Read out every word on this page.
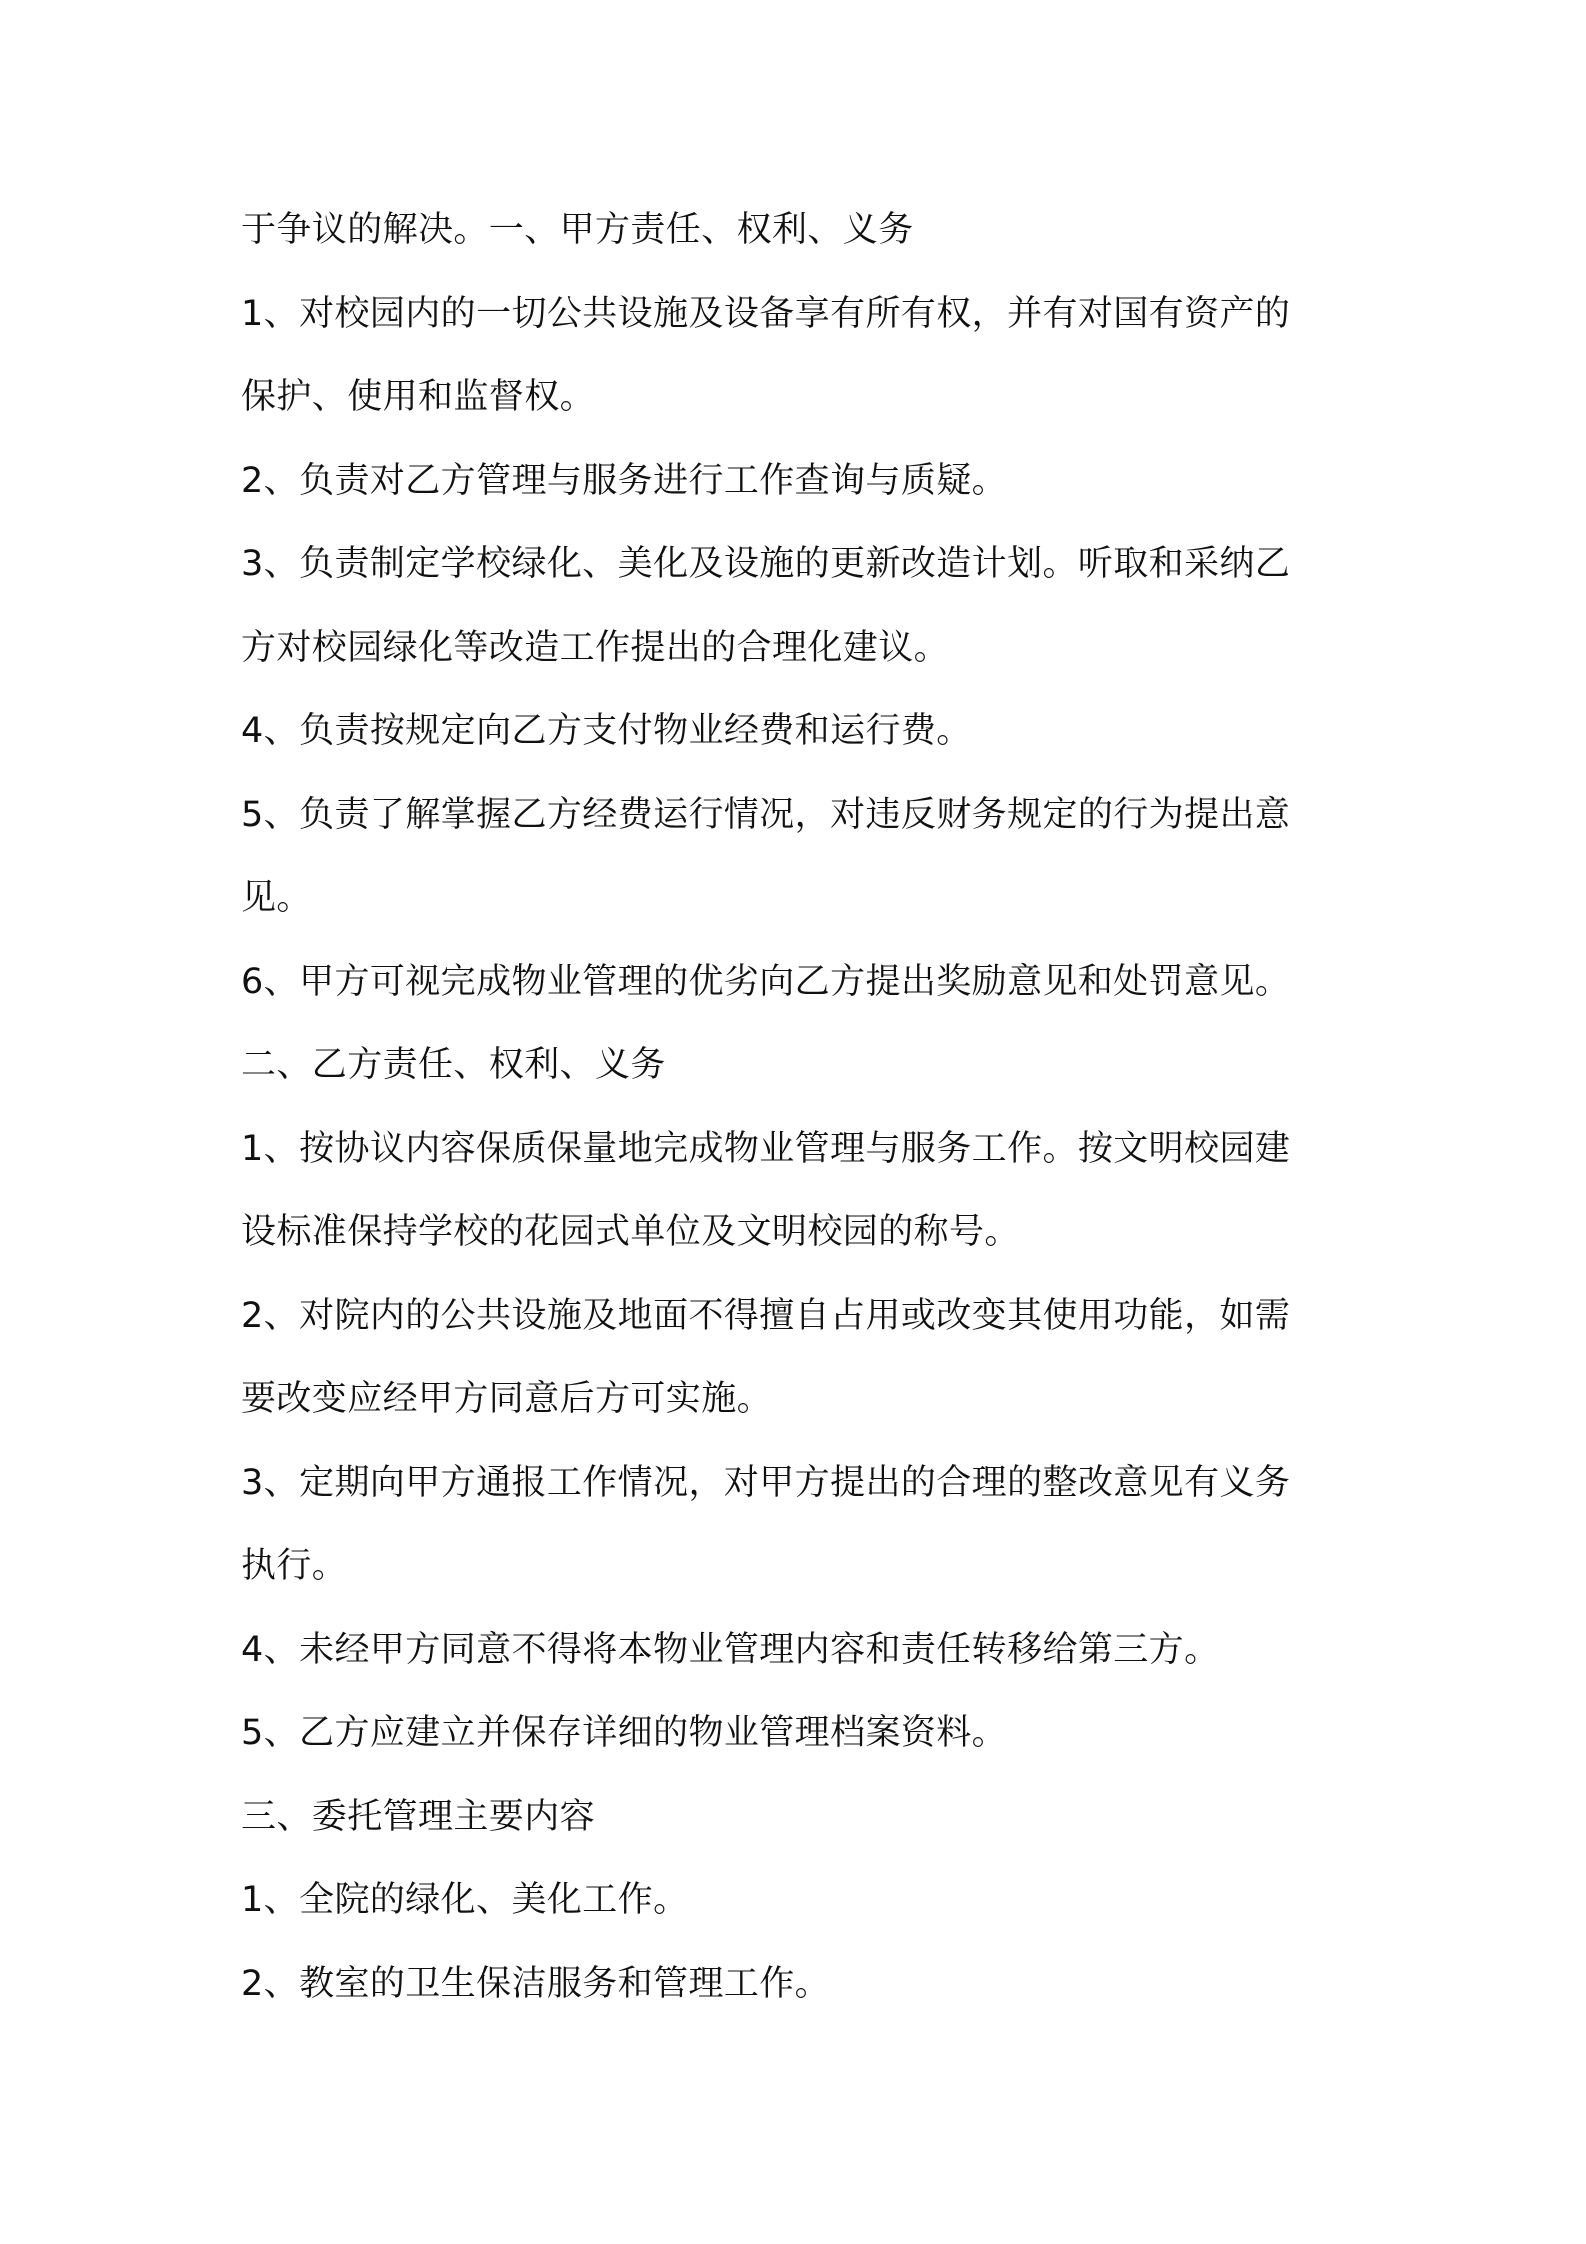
于争议的解决。一、甲方责任、权利、义务
1、对校园内的一切公共设施及设备享有所有权，并有对国有资产的
保护、使用和监督权。
2、负责对乙方管理与服务进行工作查询与质疑。
3、负责制定学校绿化、美化及设施的更新改造计划。听取和采纳乙
方对校园绿化等改造工作提出的合理化建议。
4、负责按规定向乙方支付物业经费和运行费。
5、负责了解掌握乙方经费运行情况，对违反财务规定的行为提出意
见。
6、甲方可视完成物业管理的优劣向乙方提出奖励意见和处罚意见。
二、乙方责任、权利、义务
1、按协议内容保质保量地完成物业管理与服务工作。按文明校园建
设标准保持学校的花园式单位及文明校园的称号。
2、对院内的公共设施及地面不得擅自占用或改变其使用功能，如需
要改变应经甲方同意后方可实施。
3、定期向甲方通报工作情况，对甲方提出的合理的整改意见有义务
执行。
4、未经甲方同意不得将本物业管理内容和责任转移给第三方。
5、乙方应建立并保存详细的物业管理档案资料。
三、委托管理主要内容
1、全院的绿化、美化工作。
2、教室的卫生保洁服务和管理工作。
